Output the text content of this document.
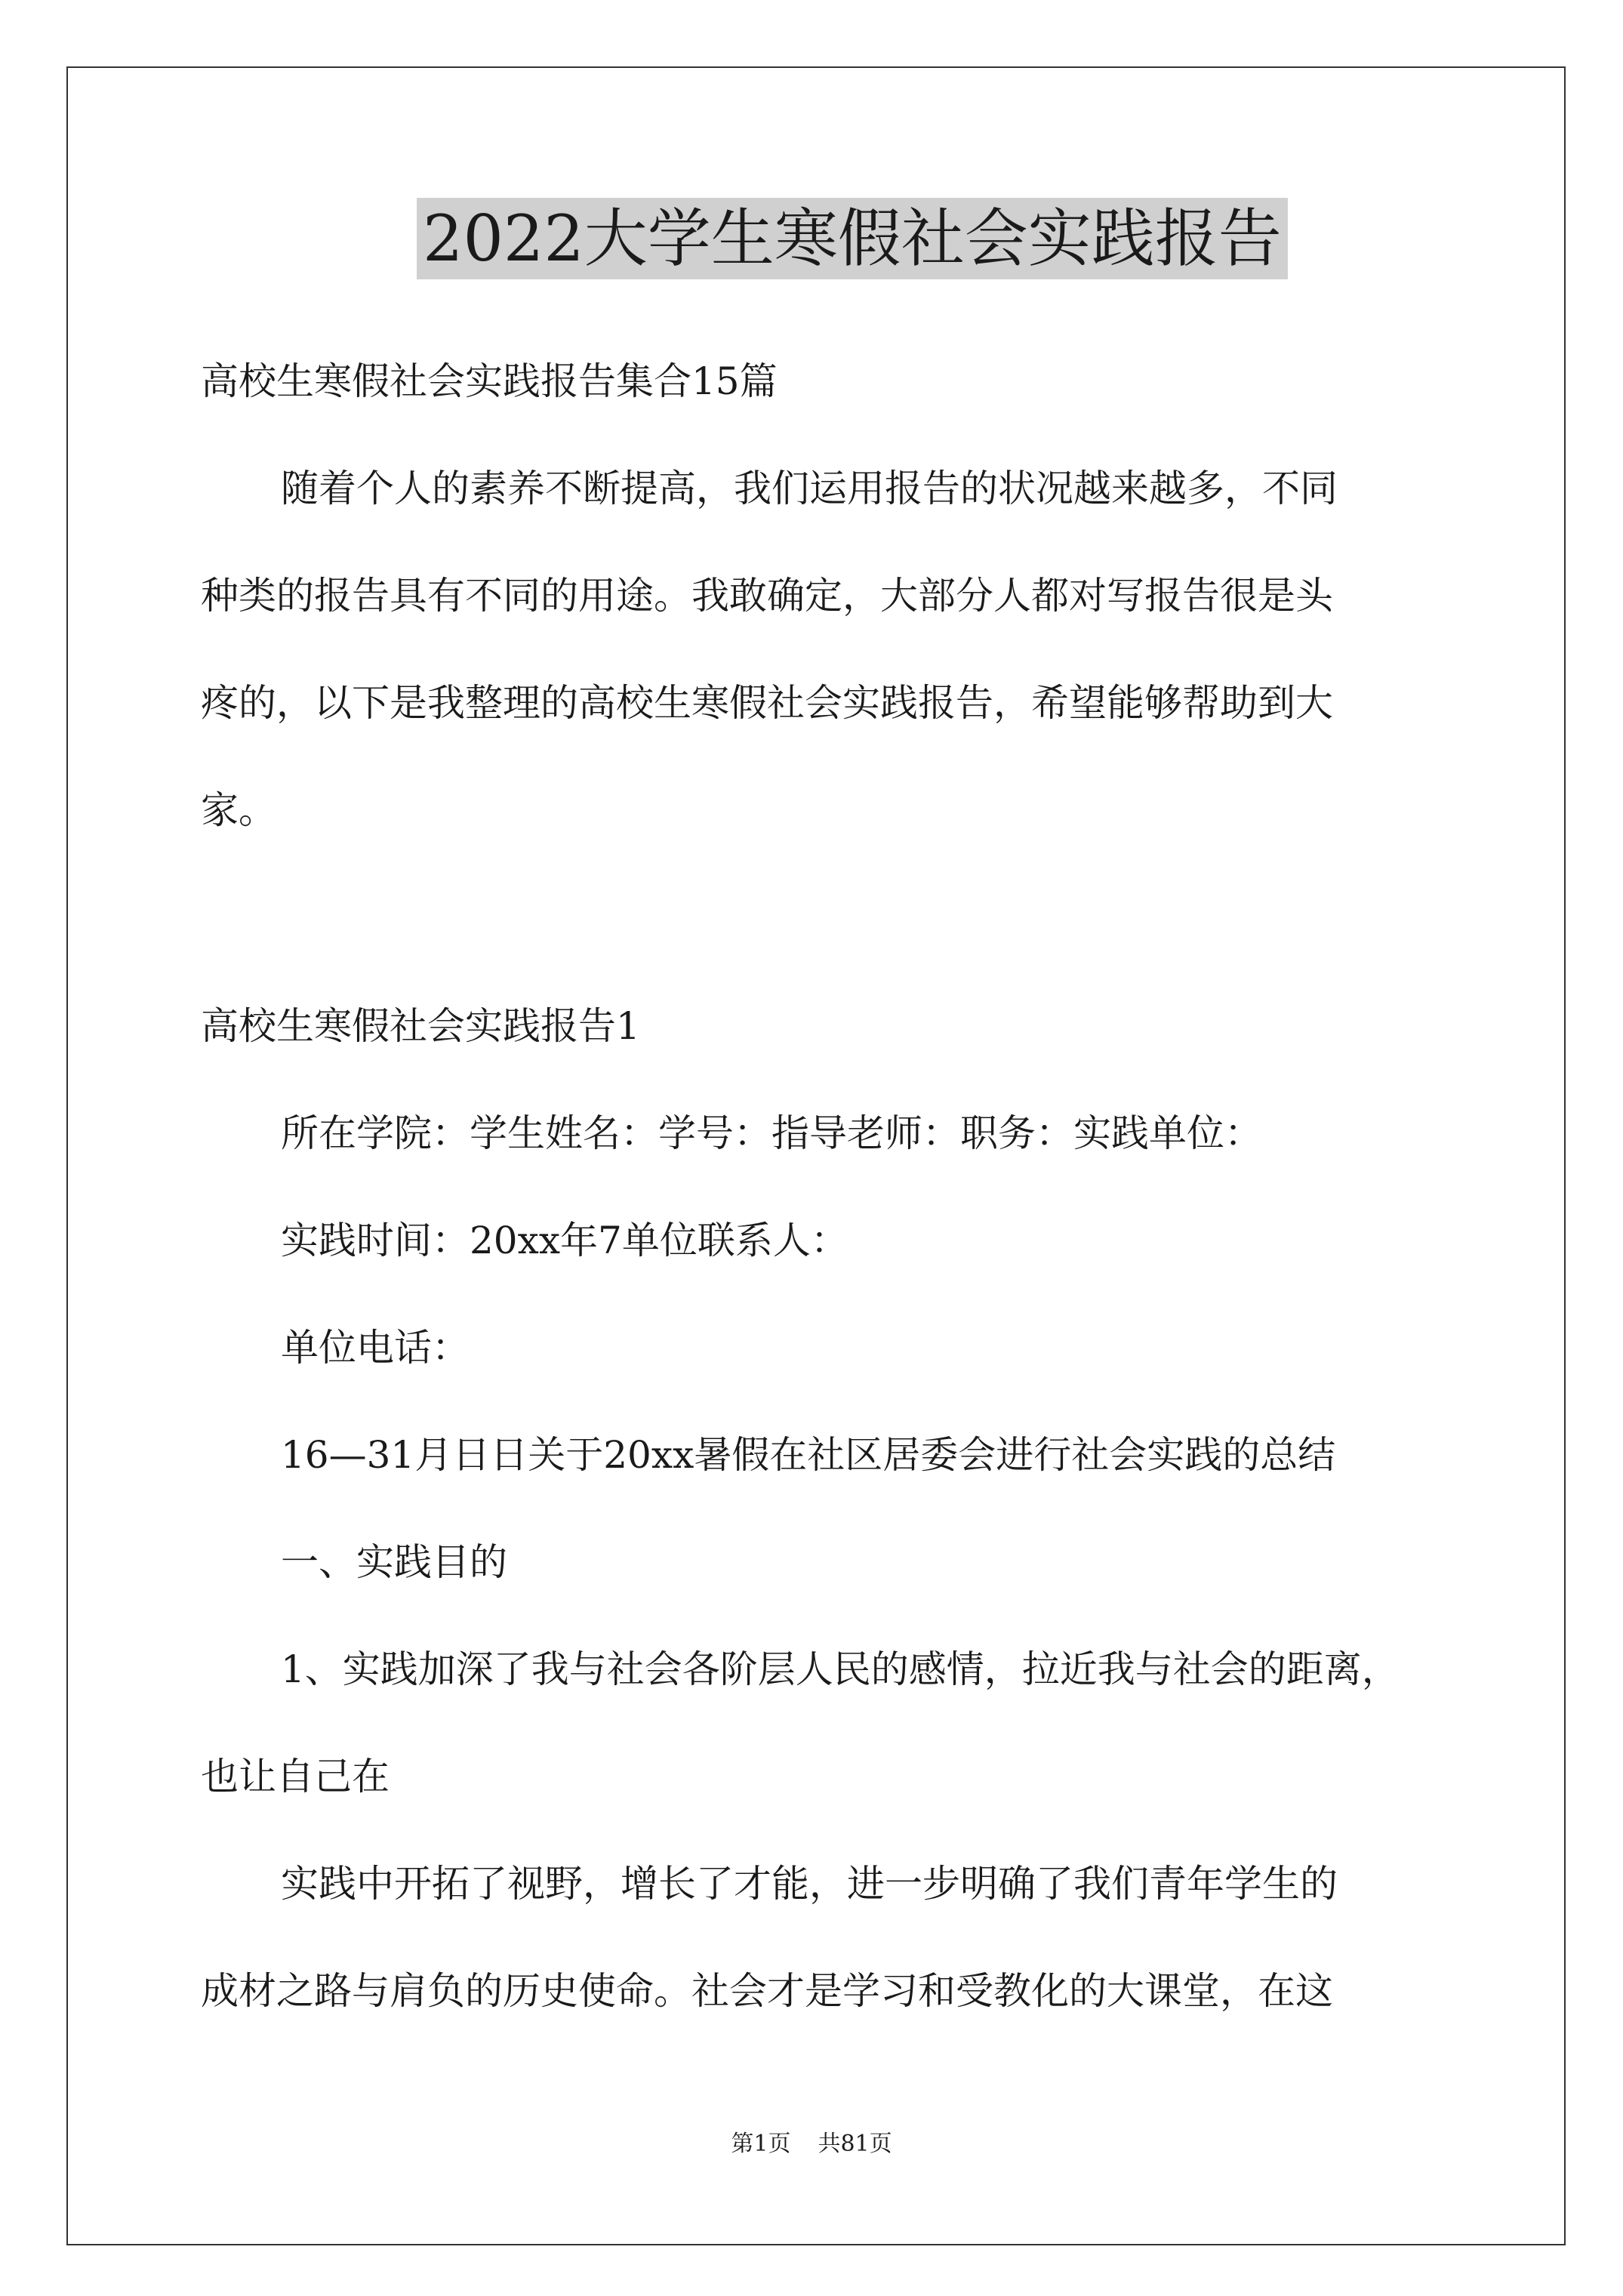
2022大学生寒假社会实践报告
高校生寒假社会实践报告集合15篇
随着个人的素养不断提高，我们运用报告的状况越来越多，不同
种类的报告具有不同的用途。我敢确定，大部分人都对写报告很是头
疼的，以下是我整理的高校生寒假社会实践报告，希望能够帮助到大
家。
高校生寒假社会实践报告1
所在学院：学生姓名：学号：指导老师：职务：实践单位：
实践时间：20xx年7单位联系人：
单位电话：
16—31月日日关于20xx暑假在社区居委会进行社会实践的总结
一、实践目的
1、实践加深了我与社会各阶层人民的感情，拉近我与社会的距离，
也让自己在
实践中开拓了视野，增长了才能，进一步明确了我们青年学生的
成材之路与肩负的历史使命。社会才是学习和受教化的大课堂，在这
第1页 共81页
